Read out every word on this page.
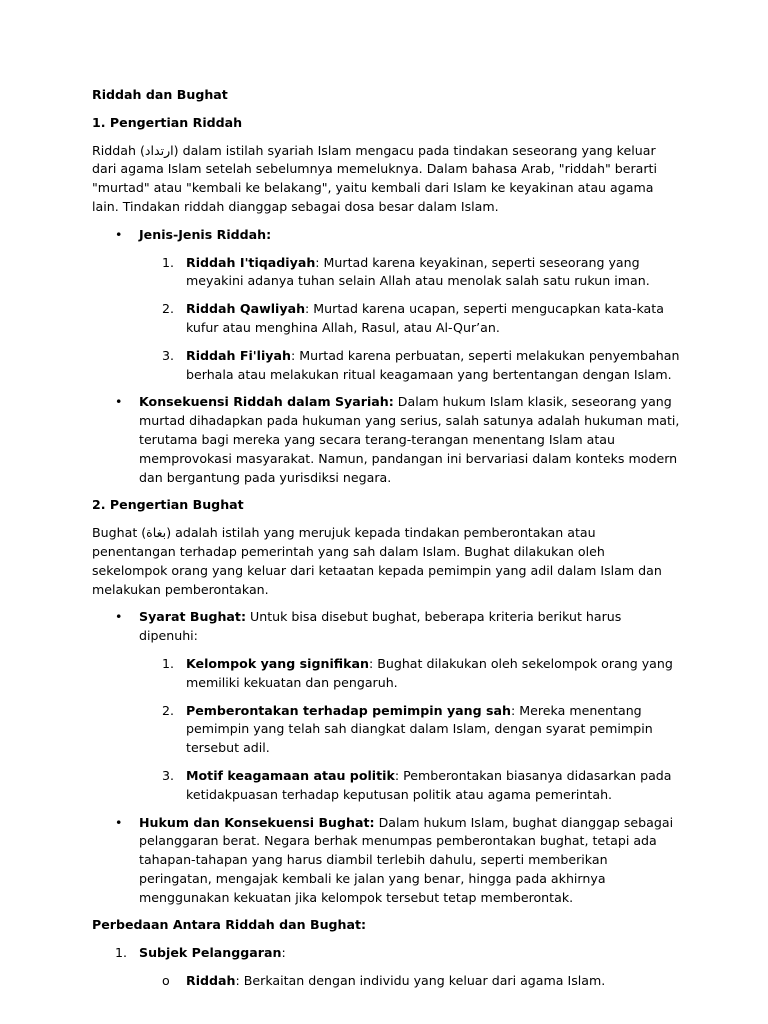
Riddah dan Bughat

1. Pengertian Riddah

Riddah (ارتداد) dalam istilah syariah Islam mengacu pada tindakan seseorang yang keluar dari agama Islam setelah sebelumnya memeluknya. Dalam bahasa Arab, "riddah" berarti "murtad" atau "kembali ke belakang", yaitu kembali dari Islam ke keyakinan atau agama lain. Tindakan riddah dianggap sebagai dosa besar dalam Islam.

• Jenis-Jenis Riddah:
1. Riddah I'tiqadiyah: Murtad karena keyakinan, seperti seseorang yang meyakini adanya tuhan selain Allah atau menolak salah satu rukun iman.
2. Riddah Qawliyah: Murtad karena ucapan, seperti mengucapkan kata-kata kufur atau menghina Allah, Rasul, atau Al-Qur’an.
3. Riddah Fi'liyah: Murtad karena perbuatan, seperti melakukan penyembahan berhala atau melakukan ritual keagamaan yang bertentangan dengan Islam.
• Konsekuensi Riddah dalam Syariah: Dalam hukum Islam klasik, seseorang yang murtad dihadapkan pada hukuman yang serius, salah satunya adalah hukuman mati, terutama bagi mereka yang secara terang-terangan menentang Islam atau memprovokasi masyarakat. Namun, pandangan ini bervariasi dalam konteks modern dan bergantung pada yurisdiksi negara.

2. Pengertian Bughat

Bughat (بغاة) adalah istilah yang merujuk kepada tindakan pemberontakan atau penentangan terhadap pemerintah yang sah dalam Islam. Bughat dilakukan oleh sekelompok orang yang keluar dari ketaatan kepada pemimpin yang adil dalam Islam dan melakukan pemberontakan.

• Syarat Bughat: Untuk bisa disebut bughat, beberapa kriteria berikut harus dipenuhi:
1. Kelompok yang signifikan: Bughat dilakukan oleh sekelompok orang yang memiliki kekuatan dan pengaruh.
2. Pemberontakan terhadap pemimpin yang sah: Mereka menentang pemimpin yang telah sah diangkat dalam Islam, dengan syarat pemimpin tersebut adil.
3. Motif keagamaan atau politik: Pemberontakan biasanya didasarkan pada ketidakpuasan terhadap keputusan politik atau agama pemerintah.
• Hukum dan Konsekuensi Bughat: Dalam hukum Islam, bughat dianggap sebagai pelanggaran berat. Negara berhak menumpas pemberontakan bughat, tetapi ada tahapan-tahapan yang harus diambil terlebih dahulu, seperti memberikan peringatan, mengajak kembali ke jalan yang benar, hingga pada akhirnya menggunakan kekuatan jika kelompok tersebut tetap memberontak.

Perbedaan Antara Riddah dan Bughat:

1. Subjek Pelanggaran:
o Riddah: Berkaitan dengan individu yang keluar dari agama Islam.
